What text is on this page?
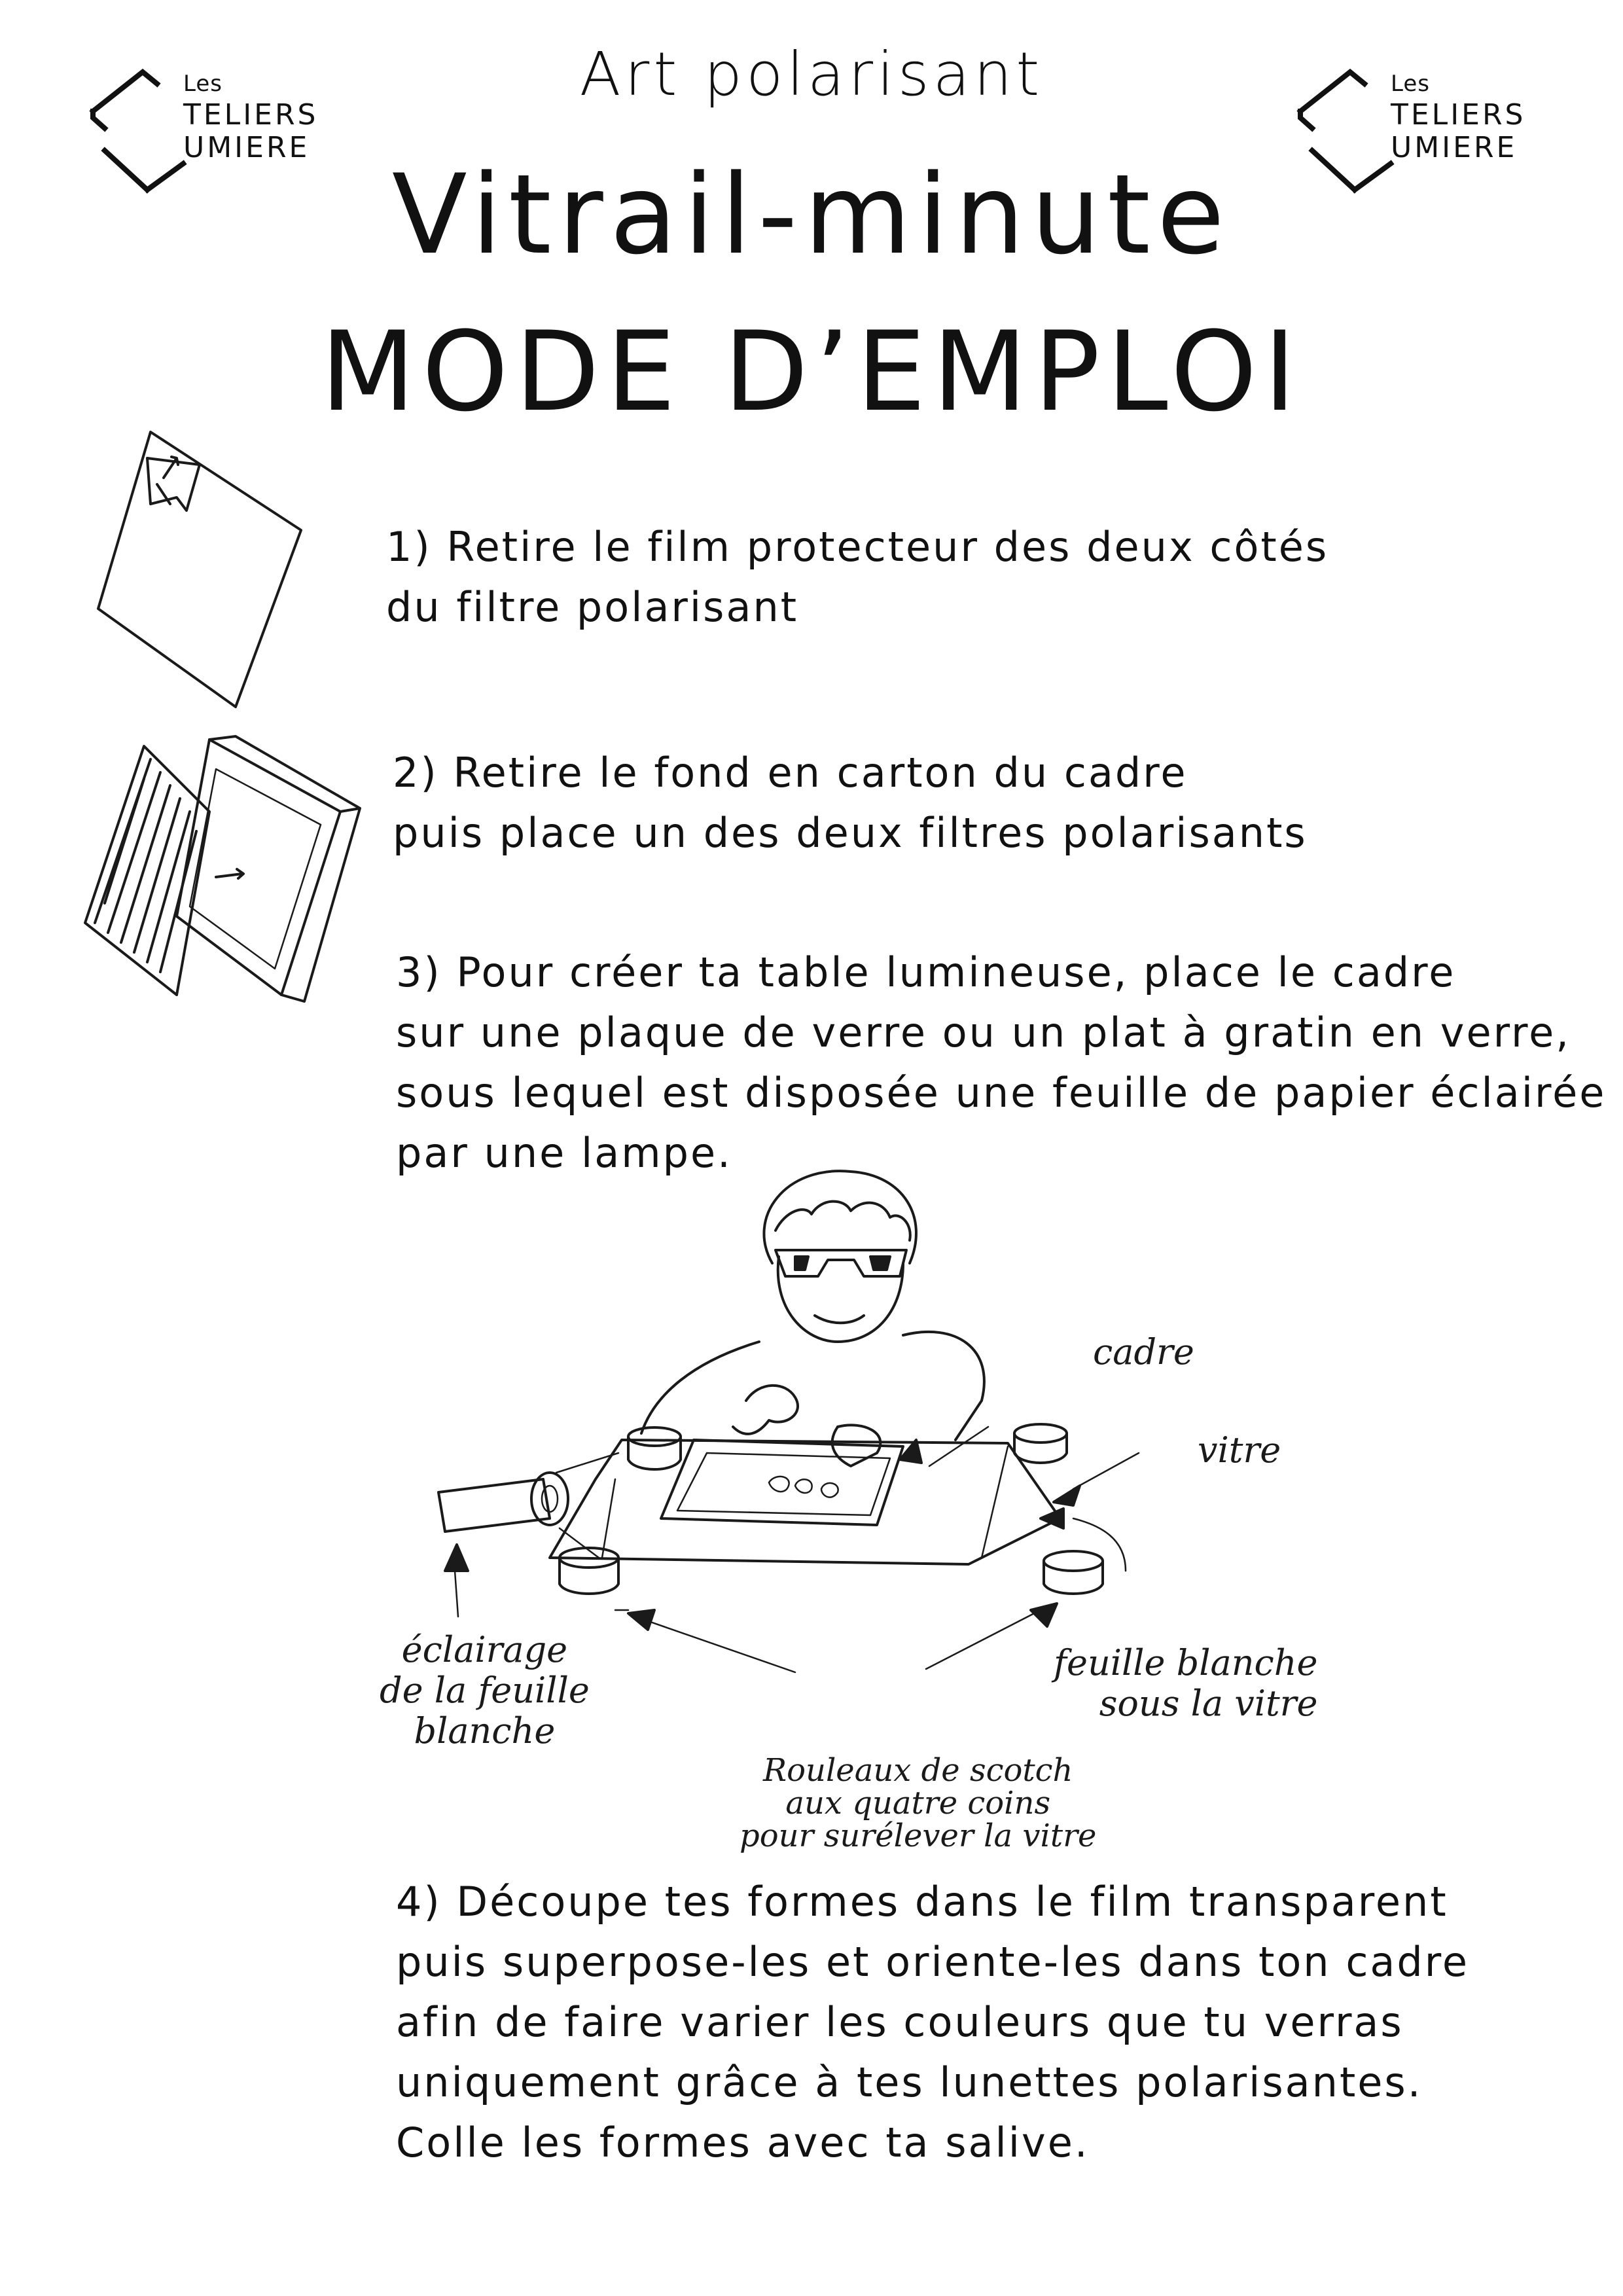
Les
TELIERS
UMIERE
Les
TELIERS
UMIERE
Art polarisant
Vitrail-minute
MODE D’EMPLOI
1) Retire le film protecteur des deux côtés
du filtre polarisant
2) Retire le fond en carton du cadre
puis place un des deux filtres polarisants
3) Pour créer ta table lumineuse, place le cadre
sur une plaque de verre ou un plat à gratin en verre,
sous lequel est disposée une feuille de papier éclairée
par une lampe.
cadre
vitre
éclairage
de la feuille
blanche
feuille blanche
sous la vitre
Rouleaux de scotch
aux quatre coins
pour surélever la vitre
4) Découpe tes formes dans le film transparent
puis superpose-les et oriente-les dans ton cadre
afin de faire varier les couleurs que tu verras
uniquement grâce à tes lunettes polarisantes.
Colle les formes avec ta salive.
